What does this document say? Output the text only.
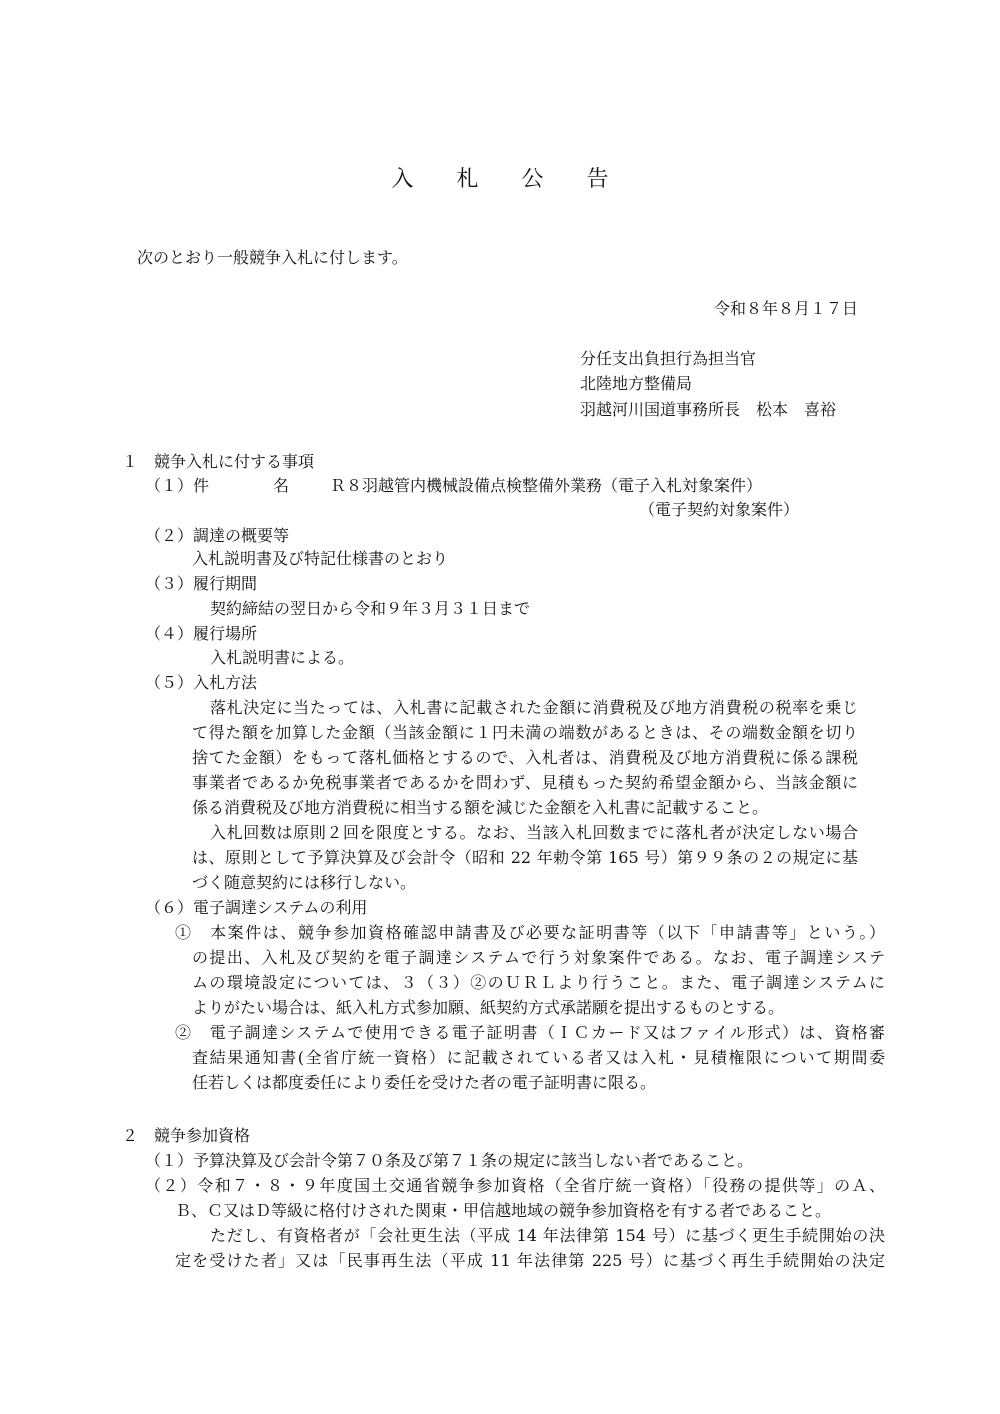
入 札 公 告
次のとおり一般競争入札に付します。
令和８年８月１７日
分任支出負担行為担当官
北陸地方整備局
羽越河川国道事務所長　松本　喜裕
１　競争入札に付する事項
（１）件　　　　名	Ｒ８羽越管内機械設備点検整備外業務（電子入札対象案件）
（電子契約対象案件）
（２）調達の概要等
入札説明書及び特記仕様書のとおり
（３）履行期間
契約締結の翌日から令和９年３月３１日まで
（４）履行場所
入札説明書による。
（５）入札方法
落札決定に当たっては、入札書に記載された金額に消費税及び地方消費税の税率を乗じ
て得た額を加算した金額（当該金額に１円未満の端数があるときは、その端数金額を切り
捨てた金額）をもって落札価格とするので、入札者は、消費税及び地方消費税に係る課税
事業者であるか免税事業者であるかを問わず、見積もった契約希望金額から、当該金額に
係る消費税及び地方消費税に相当する額を減じた金額を入札書に記載すること。
入札回数は原則２回を限度とする。なお、当該入札回数までに落札者が決定しない場合
は、原則として予算決算及び会計令（昭和 22 年勅令第 165 号）第９９条の２の規定に基
づく随意契約には移行しない。
（６）電子調達システムの利用
①　本案件は、競争参加資格確認申請書及び必要な証明書等（以下「申請書等」という。）
の提出、入札及び契約を電子調達システムで行う対象案件である。なお、電子調達システ
ムの環境設定については、３（３）②のＵＲＬより行うこと。また、電子調達システムに
よりがたい場合は、紙入札方式参加願、紙契約方式承諾願を提出するものとする。
②　電子調達システムで使用できる電子証明書（ＩＣカード又はファイル形式）は、資格審
査結果通知書(全省庁統一資格）に記載されている者又は入札・見積権限について期間委
任若しくは都度委任により委任を受けた者の電子証明書に限る。
２　競争参加資格
（１）予算決算及び会計令第７０条及び第７１条の規定に該当しない者であること。
（２）令和７・８・９年度国土交通省競争参加資格（全省庁統一資格）「役務の提供等」のＡ、
Ｂ、Ｃ又はＤ等級に格付けされた関東・甲信越地域の競争参加資格を有する者であること。
ただし、有資格者が「会社更生法（平成 14 年法律第 154 号）に基づく更生手続開始の決
定を受けた者」又は「民事再生法（平成 11 年法律第 225 号）に基づく再生手続開始の決定
